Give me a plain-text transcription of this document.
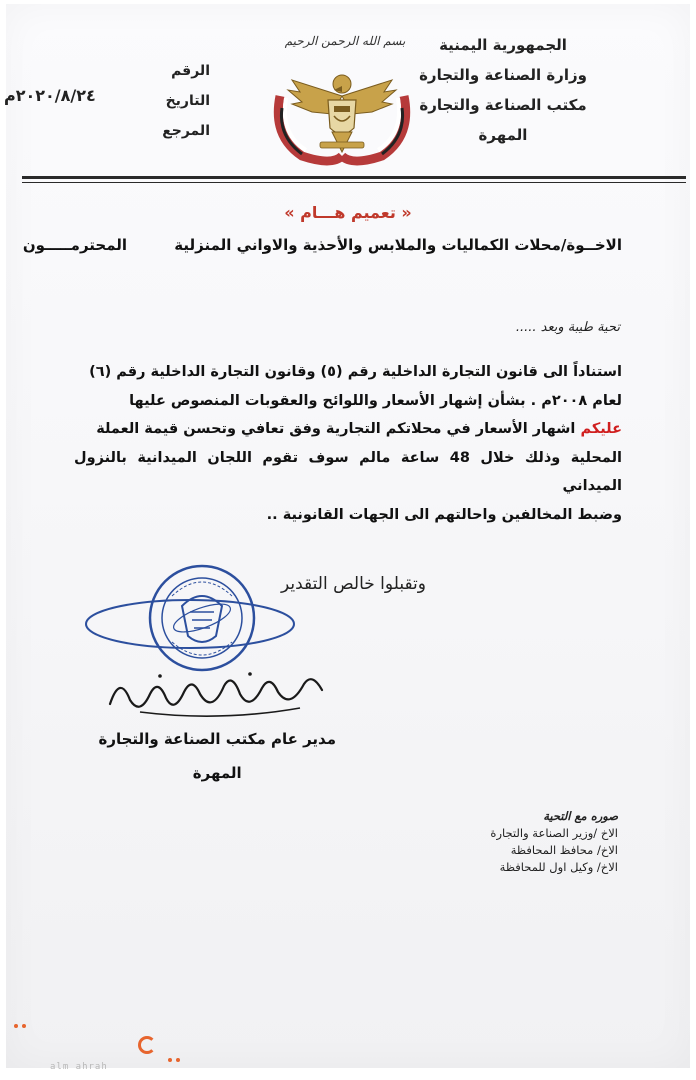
الجمهورية اليمنية
وزارة الصناعة والتجارة
مكتب الصناعة والتجارة
المهرة
بسم الله الرحمن الرحيم
الرقم
التاريخ
المرجع
٢٠٢٠/٨/٢٤م
« تعميم هـــام »
الاخــوة/محلات الكماليات والملابس والأحذية والاواني المنزلية المحترمـــــون
تحية طيبة وبعد .....
استناداً الى قانون التجارة الداخلية رقم (٥) وقانون التجارة الداخلية رقم (٦)
لعام ٢٠٠٨م . بشأن إشهار الأسعار واللوائح والعقوبات المنصوص عليها
عليكم اشهار الأسعار في محلاتكم التجارية وفق تعافي وتحسن قيمة العملة
المحلية وذلك خلال 48 ساعة مالم سوف تقوم اللجان الميدانية بالنزول الميداني
وضبط المخالفين واحالتهم الى الجهات القانونية ..
وتقبلوا خالص التقدير
مدير عام مكتب الصناعة والتجارة
المهرة
صوره مع التحية
الاخ /وزير الصناعة والتجارة
الاخ/ محافظ المحافظة
الاخ/ وكيل اول للمحافظة
alm ahrah
